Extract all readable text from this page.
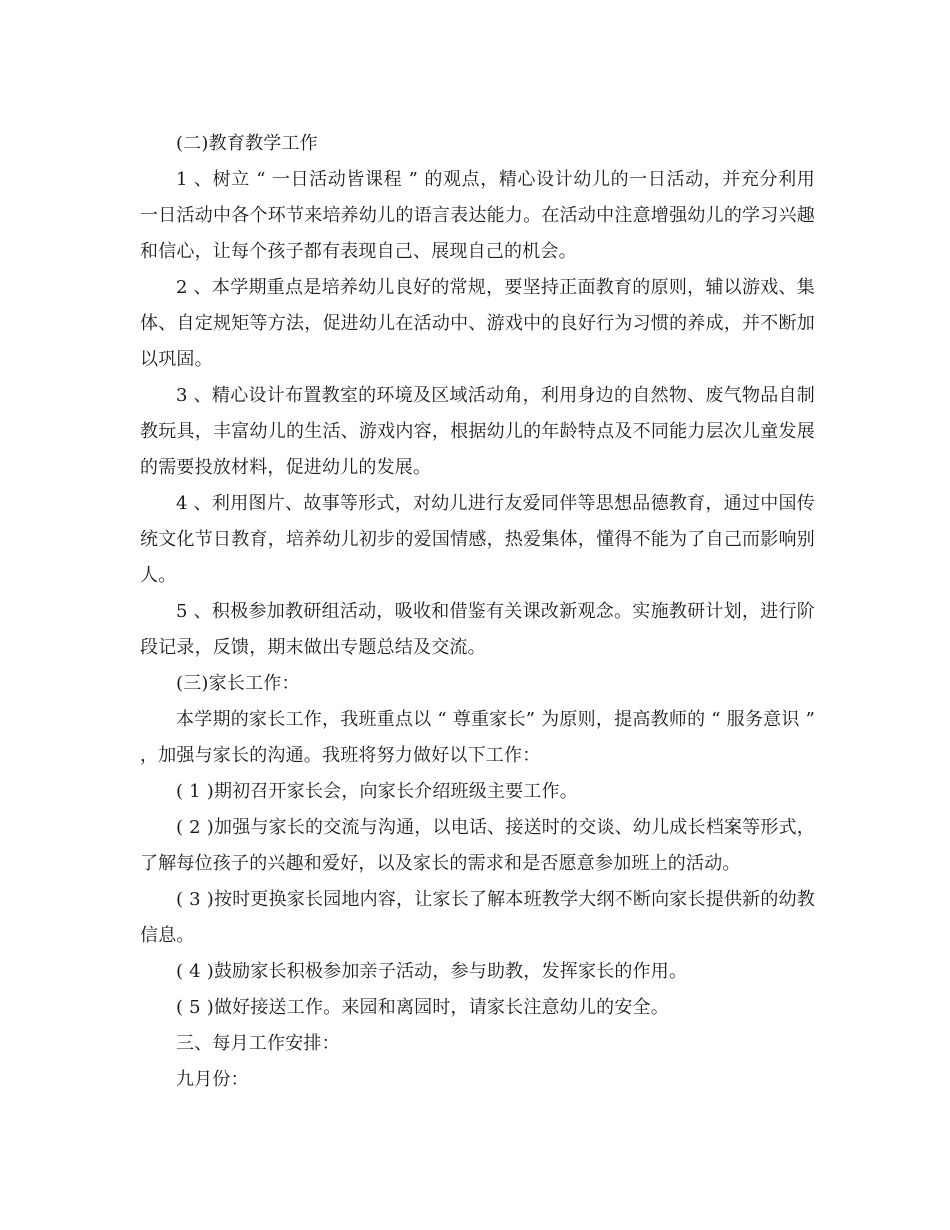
(二)教育教学工作

1 、树立 “ 一日活动皆课程 ” 的观点，精心设计幼儿的一日活动，并充分利用一日活动中各个环节来培养幼儿的语言表达能力。在活动中注意增强幼儿的学习兴趣和信心，让每个孩子都有表现自己、展现自己的机会。

2 、本学期重点是培养幼儿良好的常规，要坚持正面教育的原则，辅以游戏、集体、自定规矩等方法，促进幼儿在活动中、游戏中的良好行为习惯的养成，并不断加以巩固。

3 、精心设计布置教室的环境及区域活动角，利用身边的自然物、废气物品自制教玩具，丰富幼儿的生活、游戏内容，根据幼儿的年龄特点及不同能力层次儿童发展的需要投放材料，促进幼儿的发展。

4 、利用图片、故事等形式，对幼儿进行友爱同伴等思想品德教育，通过中国传统文化节日教育，培养幼儿初步的爱国情感，热爱集体，懂得不能为了自己而影响别人。

5 、积极参加教研组活动，吸收和借鉴有关课改新观念。实施教研计划，进行阶段记录，反馈，期末做出专题总结及交流。

(三)家长工作：

本学期的家长工作，我班重点以 “ 尊重家长” 为原则，提高教师的 “ 服务意识 ” ，加强与家长的沟通。我班将努力做好以下工作：

( 1 )期初召开家长会，向家长介绍班级主要工作。

( 2 )加强与家长的交流与沟通，以电话、接送时的交谈、幼儿成长档案等形式，了解每位孩子的兴趣和爱好，以及家长的需求和是否愿意参加班上的活动。

( 3 )按时更换家长园地内容，让家长了解本班教学大纲不断向家长提供新的幼教信息。

( 4 )鼓励家长积极参加亲子活动，参与助教，发挥家长的作用。

( 5 )做好接送工作。来园和离园时，请家长注意幼儿的安全。

三、每月工作安排：

九月份：
